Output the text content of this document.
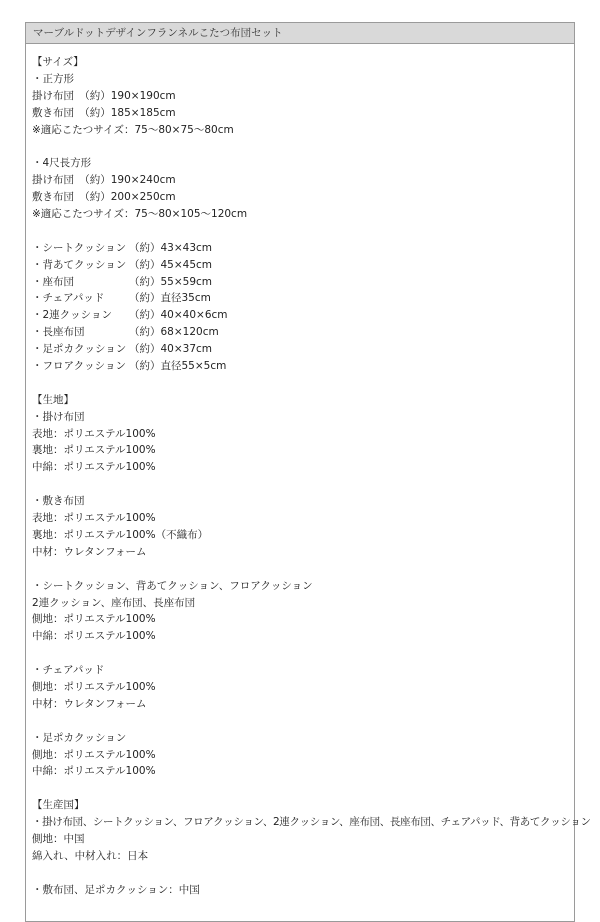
マーブルドットデザインフランネルこたつ布団セット
【サイズ】
・正方形
掛け布団　（約）190×190cm
敷き布団　（約）185×185cm
※適応こたつサイズ：75～80×75～80cm
・4尺長方形
掛け布団　（約）190×240cm
敷き布団　（約）200×250cm
※適応こたつサイズ：75～80×105～120cm
・シートクッション （約）43×43cm
・背あてクッション （約）45×45cm
・座布団	（約）55×59cm
・チェアパッド （約）直径35cm
・2連クッション （約）40×40×6cm
・長座布団	（約）68×120cm
・足ポカクッション （約）40×37cm
・フロアクッション （約）直径55×5cm
【生地】
・掛け布団
表地：ポリエステル100%
裏地：ポリエステル100%
中綿：ポリエステル100%
・敷き布団
表地：ポリエステル100%
裏地：ポリエステル100%（不織布）
中材：ウレタンフォーム
・シートクッション、背あてクッション、フロアクッション
2連クッション、座布団、長座布団
側地：ポリエステル100%
中綿：ポリエステル100%
・チェアパッド
側地：ポリエステル100%
中材：ウレタンフォーム
・足ポカクッション
側地：ポリエステル100%
中綿：ポリエステル100%
【生産国】
・掛け布団、シートクッション、フロアクッション、2連クッション、座布団、長座布団、チェアパッド、背あてクッション
側地：中国
綿入れ、中材入れ：日本
・敷布団、足ポカクッション：中国
